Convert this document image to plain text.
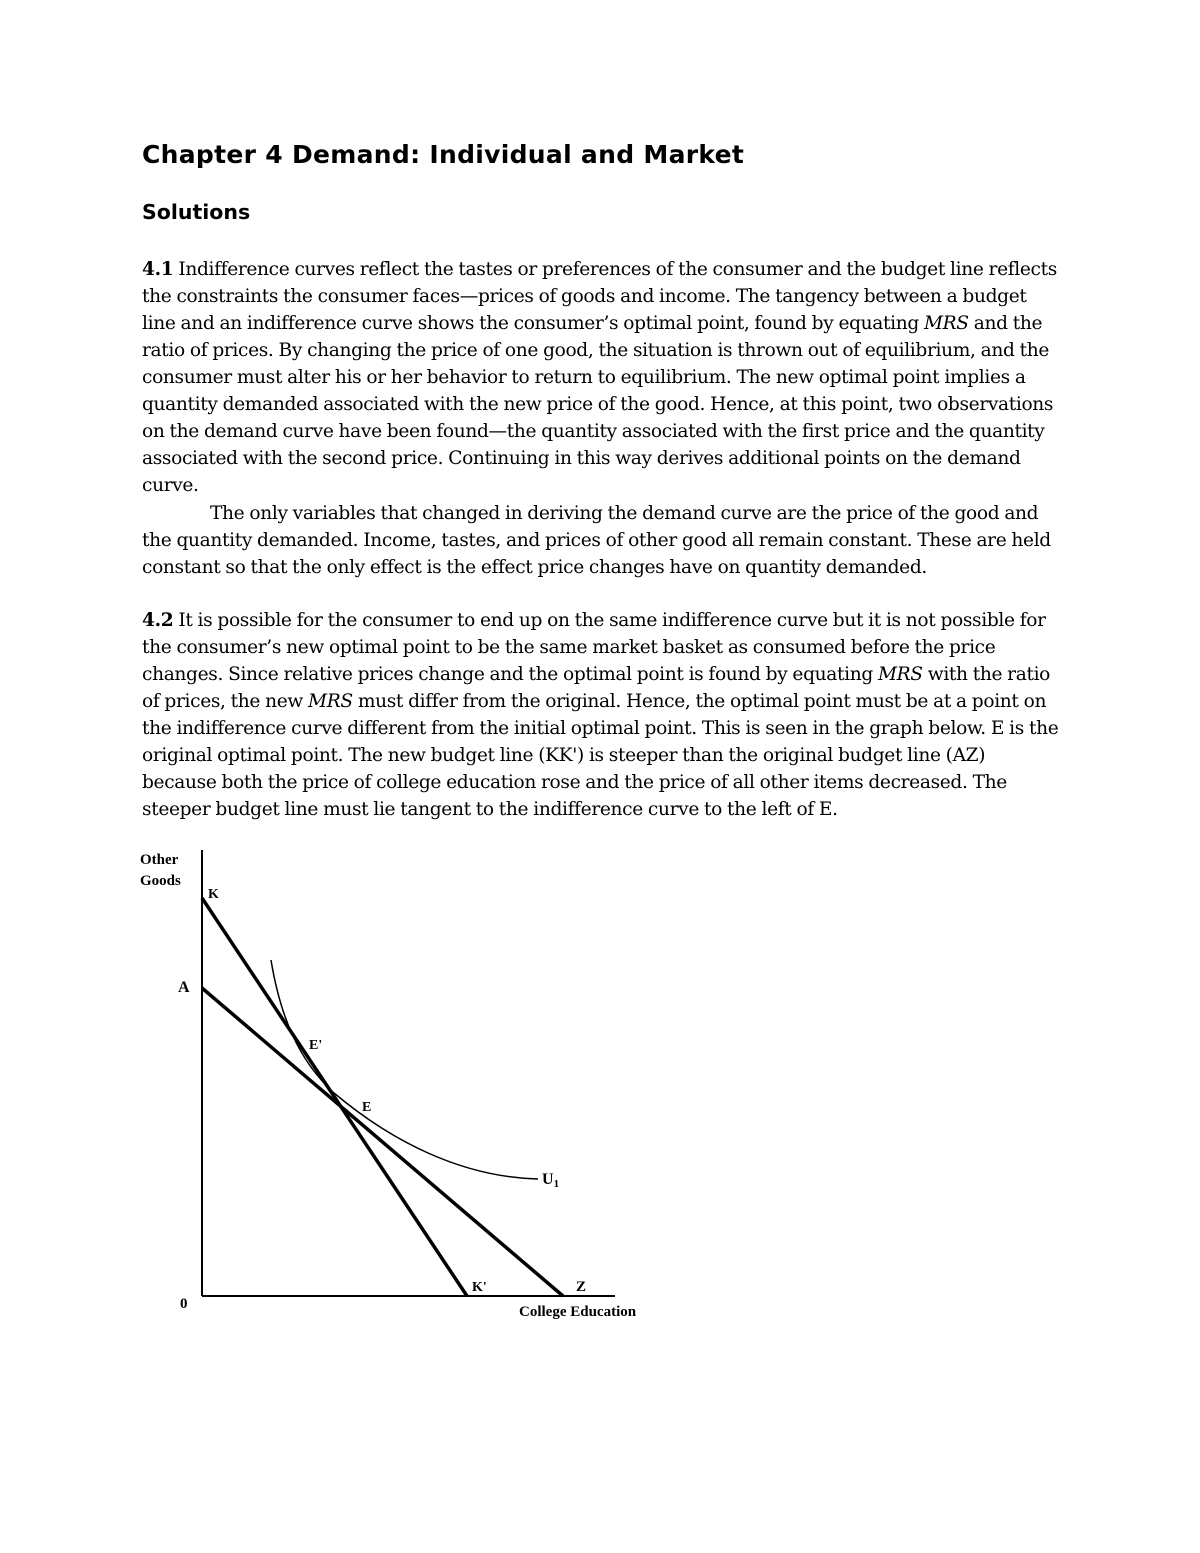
Chapter 4 Demand: Individual and Market
Solutions

4.1 Indifference curves reflect the tastes or preferences of the consumer and the budget line reflects the constraints the consumer faces—prices of goods and income. The tangency between a budget line and an indifference curve shows the consumer’s optimal point, found by equating MRS and the ratio of prices. By changing the price of one good, the situation is thrown out of equilibrium, and the consumer must alter his or her behavior to return to equilibrium. The new optimal point implies a quantity demanded associated with the new price of the good. Hence, at this point, two observations on the demand curve have been found—the quantity associated with the first price and the quantity associated with the second price. Continuing in this way derives additional points on the demand curve.

The only variables that changed in deriving the demand curve are the price of the good and the quantity demanded. Income, tastes, and prices of other good all remain constant. These are held constant so that the only effect is the effect price changes have on quantity demanded.

4.2 It is possible for the consumer to end up on the same indifference curve but it is not possible for the consumer’s new optimal point to be the same market basket as consumed before the price changes. Since relative prices change and the optimal point is found by equating MRS with the ratio of prices, the new MRS must differ from the original. Hence, the optimal point must be at a point on the indifference curve different from the initial optimal point. This is seen in the graph below. E is the original optimal point. The new budget line (KK') is steeper than the original budget line (AZ) because both the price of college education rose and the price of all other items decreased. The steeper budget line must lie tangent to the indifference curve to the left of E.

Other
Goods
K
A
E'
E
U1
K'	Z
0	College Education
